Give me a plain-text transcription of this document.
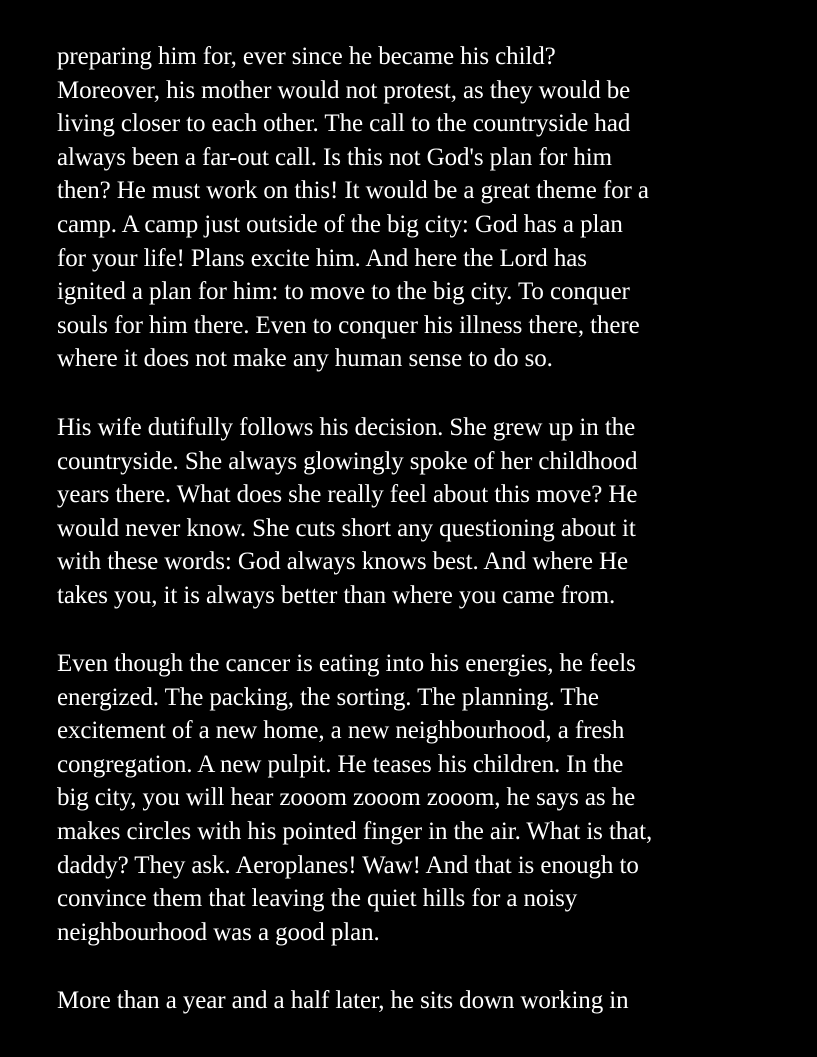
preparing him for, ever since he became his child?
Moreover, his mother would not protest, as they would be
living closer to each other. The call to the countryside had
always been a far-out call. Is this not God's plan for him
then? He must work on this! It would be a great theme for a
camp. A camp just outside of the big city: God has a plan
for your life! Plans excite him. And here the Lord has
ignited a plan for him: to move to the big city. To conquer
souls for him there. Even to conquer his illness there, there
where it does not make any human sense to do so.
His wife dutifully follows his decision. She grew up in the
countryside. She always glowingly spoke of her childhood
years there. What does she really feel about this move? He
would never know. She cuts short any questioning about it
with these words: God always knows best. And where He
takes you, it is always better than where you came from.
Even though the cancer is eating into his energies, he feels
energized. The packing, the sorting. The planning. The
excitement of a new home, a new neighbourhood, a fresh
congregation. A new pulpit. He teases his children. In the
big city, you will hear zooom zooom zooom, he says as he
makes circles with his pointed finger in the air. What is that,
daddy? They ask. Aeroplanes! Waw! And that is enough to
convince them that leaving the quiet hills for a noisy
neighbourhood was a good plan.
More than a year and a half later, he sits down working in
